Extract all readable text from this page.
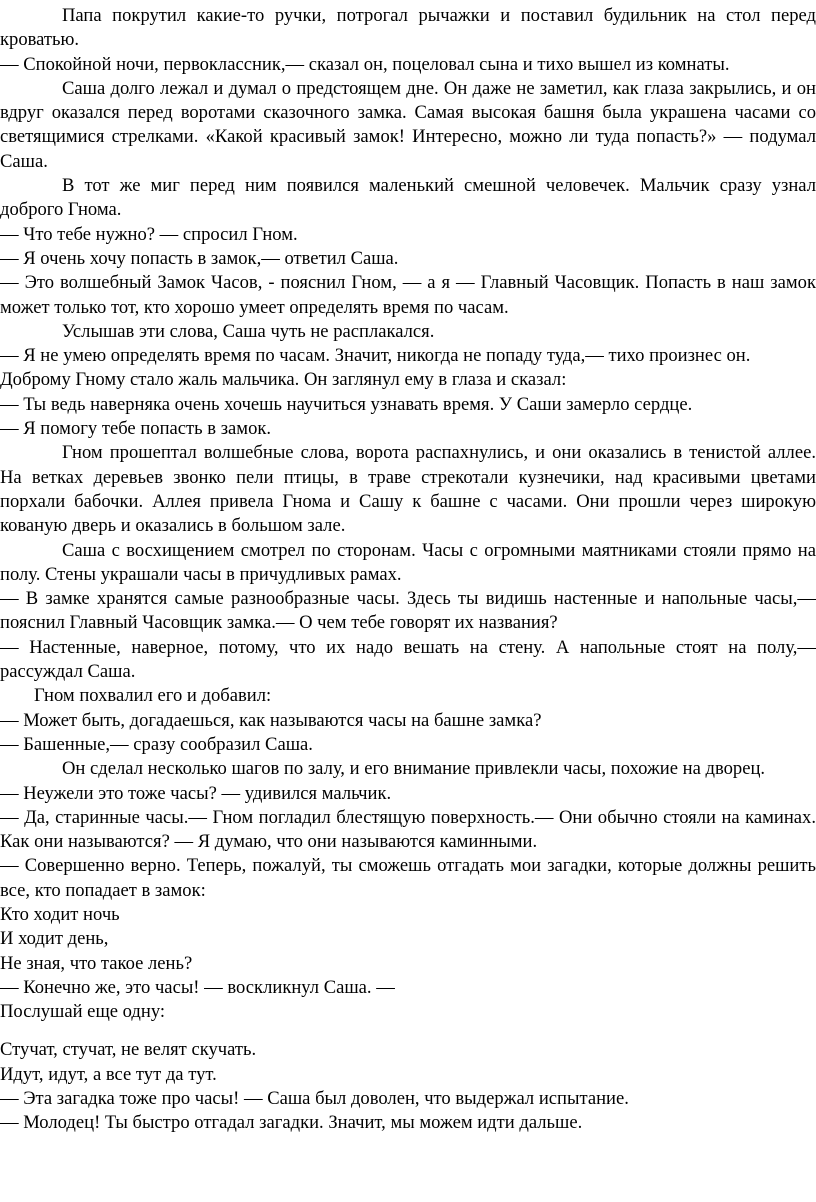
Папа покрутил какие-то ручки, потрогал рычажки и поставил будильник на стол перед кроватью.

— Спокойной ночи, первоклассник,— сказал он, поцеловал сына и тихо вышел из комнаты.

Саша долго лежал и думал о предстоящем дне. Он даже не заметил, как глаза закрылись, и он вдруг оказался перед воротами сказочного замка. Самая высокая башня была украшена часами со светящимися стрелками. «Какой красивый замок! Интересно, можно ли туда попасть?» — подумал Саша.

В тот же миг перед ним появился маленький смешной человечек. Мальчик сразу узнал доброго Гнома.

— Что тебе нужно? — спросил Гном.

— Я очень хочу попасть в замок,— ответил Саша.

— Это волшебный Замок Часов, - пояснил Гном, — а я — Главный Часовщик. Попасть в наш замок может только тот, кто хорошо умеет определять время по часам.

Услышав эти слова, Саша чуть не расплакался.

— Я не умею определять время по часам. Значит, никогда не попаду туда,— тихо произнес он.

Доброму Гному стало жаль мальчика. Он заглянул ему в глаза и сказал:

— Ты ведь наверняка очень хочешь научиться узнавать время. У Саши замерло сердце.

— Я помогу тебе попасть в замок.

Гном прошептал волшебные слова, ворота распахнулись, и они оказались в тенистой аллее. На ветках деревьев звонко пели птицы, в траве стрекотали кузнечики, над красивыми цветами порхали бабочки. Аллея привела Гнома и Сашу к башне с часами. Они прошли через широкую кованую дверь и оказались в большом зале.

Саша с восхищением смотрел по сторонам. Часы с огромными маятниками стояли прямо на полу. Стены украшали часы в причудливых рамах.

— В замке хранятся самые разнообразные часы. Здесь ты видишь настенные и напольные часы,— пояснил Главный Часовщик замка.— О чем тебе говорят их названия?

— Настенные, наверное, потому, что их надо вешать на стену. А напольные стоят на полу,— рассуждал Саша.

Гном похвалил его и добавил:

— Может быть, догадаешься, как называются часы на башне замка?

— Башенные,— сразу сообразил Саша.

Он сделал несколько шагов по залу, и его внимание привлекли часы, похожие на дворец.

— Неужели это тоже часы? — удивился мальчик.

— Да, старинные часы.— Гном погладил блестящую поверхность.— Они обычно стояли на каминах. Как они называются? — Я думаю, что они называются каминными.

— Совершенно верно. Теперь, пожалуй, ты сможешь отгадать мои загадки, которые должны решить все, кто попадает в замок:

Кто ходит ночь

И ходит день,

Не зная, что такое лень?

— Конечно же, это часы! — воскликнул Саша. —

Послушай еще одну:

Стучат, стучат, не велят скучать.

Идут, идут, а все тут да тут.

— Эта загадка тоже про часы! — Саша был доволен, что выдержал испытание.

— Молодец! Ты быстро отгадал загадки. Значит, мы можем идти дальше.
